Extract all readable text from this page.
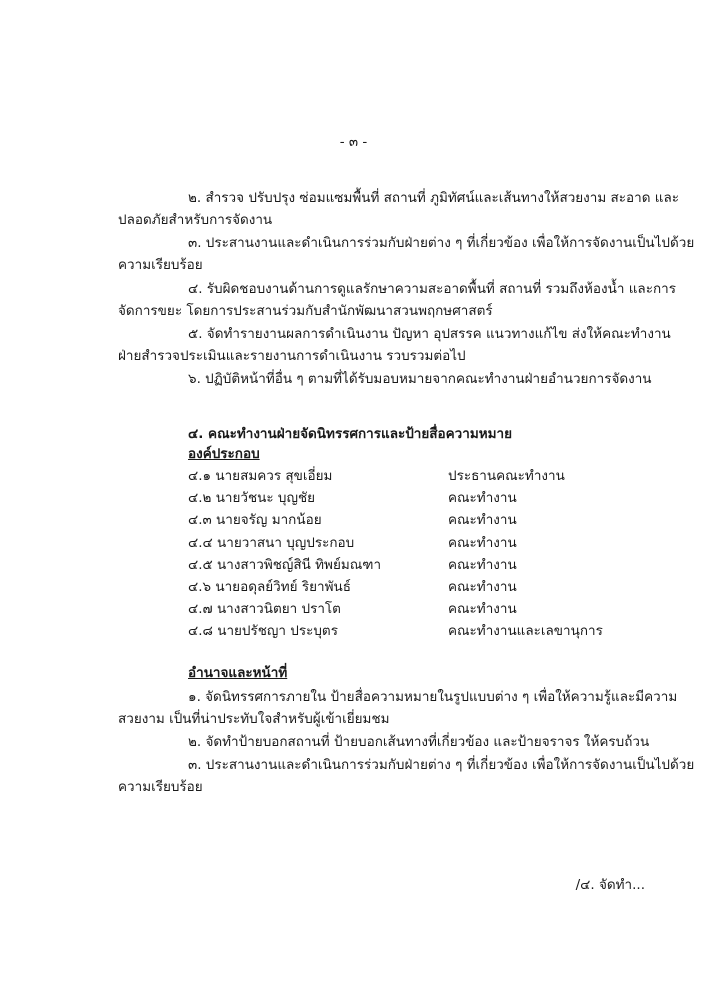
- ๓ -
๒. สำรวจ ปรับปรุง ซ่อมแซมพื้นที่ สถานที่ ภูมิทัศน์และเส้นทางให้สวยงาม สะอาด และ
ปลอดภัยสำหรับการจัดงาน
๓. ประสานงานและดำเนินการร่วมกับฝ่ายต่าง ๆ ที่เกี่ยวข้อง เพื่อให้การจัดงานเป็นไปด้วย
ความเรียบร้อย
๔. รับผิดชอบงานด้านการดูแลรักษาความสะอาดพื้นที่ สถานที่ รวมถึงห้องน้ำ และการ
จัดการขยะ โดยการประสานร่วมกับสำนักพัฒนาสวนพฤกษศาสตร์
๕. จัดทำรายงานผลการดำเนินงาน ปัญหา อุปสรรค แนวทางแก้ไข ส่งให้คณะทำงาน
ฝ่ายสำรวจประเมินและรายงานการดำเนินงาน รวบรวมต่อไป
๖. ปฏิบัติหน้าที่อื่น ๆ ตามที่ได้รับมอบหมายจากคณะทำงานฝ่ายอำนวยการจัดงาน
๔. คณะทำงานฝ่ายจัดนิทรรศการและป้ายสื่อความหมาย
องค์ประกอบ
๔.๑ นายสมควร สุขเอี่ยม	ประธานคณะทำงาน
๔.๒ นายวัชนะ บุญชัย	คณะทำงาน
๔.๓ นายจรัญ มากน้อย	คณะทำงาน
๔.๔ นายวาสนา บุญประกอบ	คณะทำงาน
๔.๕ นางสาวพิชญ์สินี ทิพย์มณฑา	คณะทำงาน
๔.๖ นายอดุลย์วิทย์ ริยาพันธ์	คณะทำงาน
๔.๗ นางสาวนิตยา ปราโต	คณะทำงาน
๔.๘ นายปรัชญา ประบุตร	คณะทำงานและเลขานุการ
อำนาจและหน้าที่
๑. จัดนิทรรศการภายใน ป้ายสื่อความหมายในรูปแบบต่าง ๆ เพื่อให้ความรู้และมีความ
สวยงาม เป็นที่น่าประทับใจสำหรับผู้เข้าเยี่ยมชม
๒. จัดทำป้ายบอกสถานที่ ป้ายบอกเส้นทางที่เกี่ยวข้อง และป้ายจราจร ให้ครบถ้วน
๓. ประสานงานและดำเนินการร่วมกับฝ่ายต่าง ๆ ที่เกี่ยวข้อง เพื่อให้การจัดงานเป็นไปด้วย
ความเรียบร้อย
/๔. จัดทำ...
